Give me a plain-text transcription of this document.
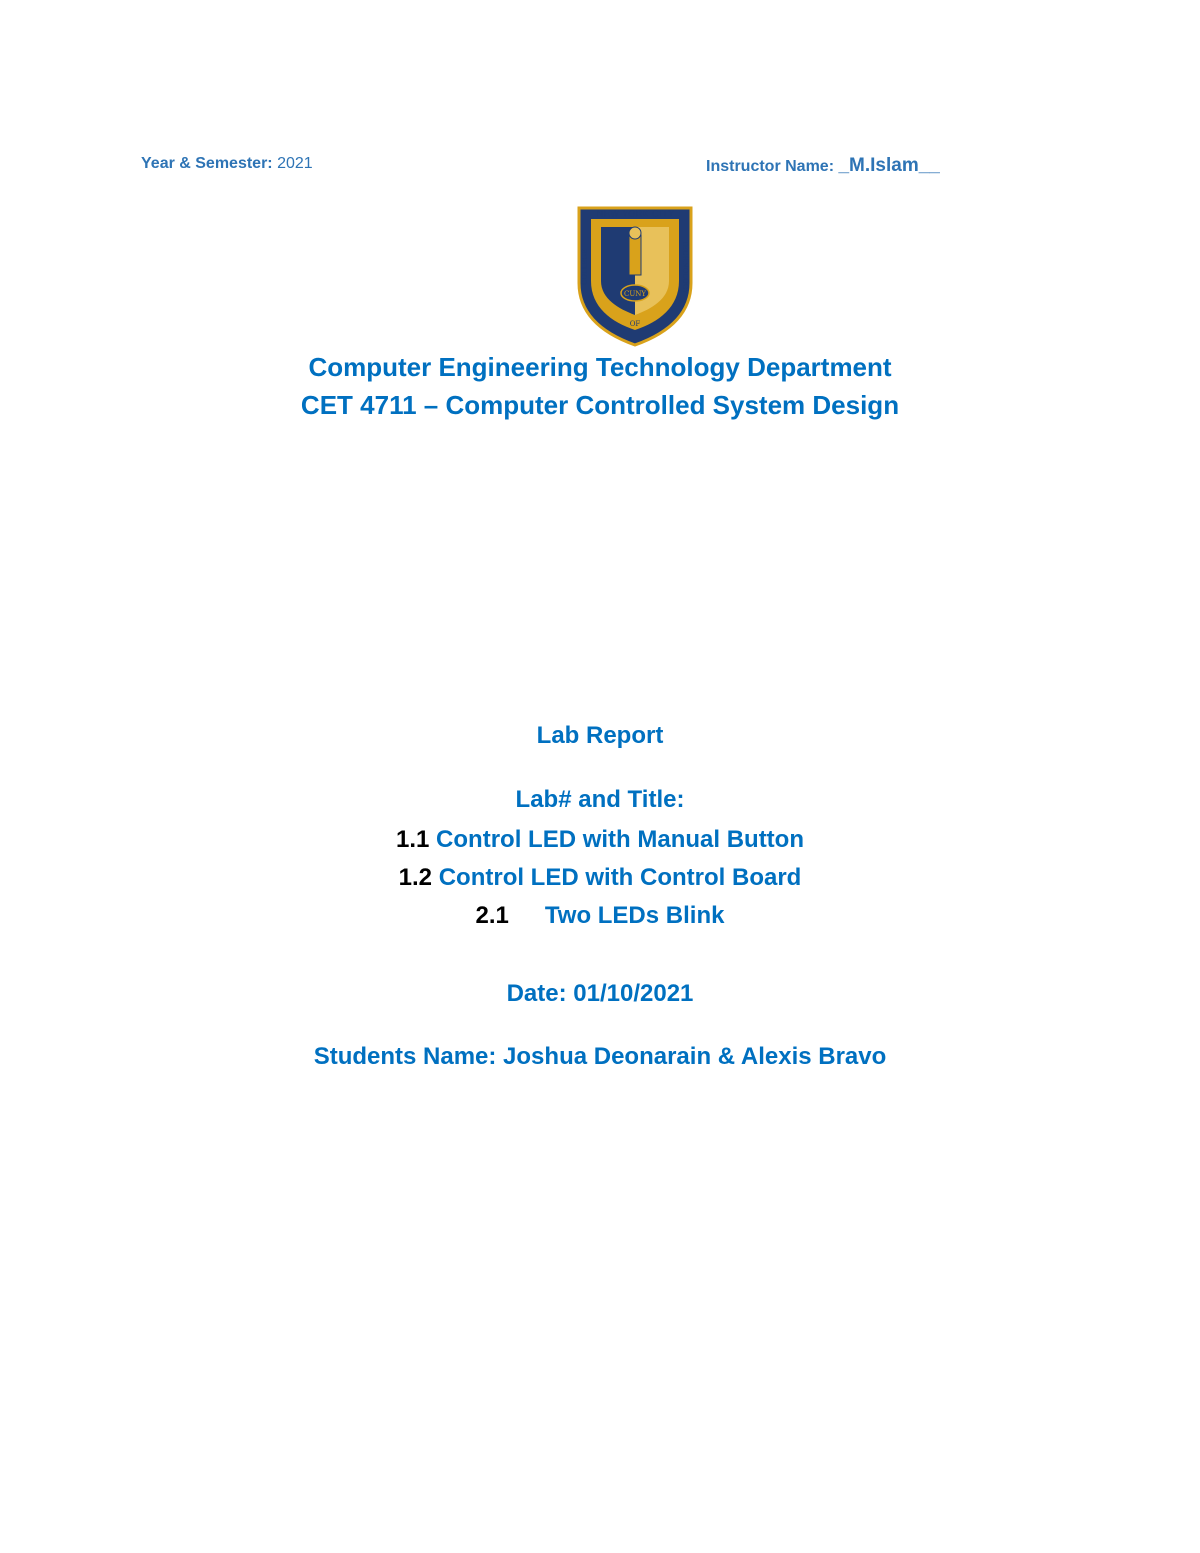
Year & Semester: 2021	Instructor Name: _M.Islam__
CUNY
NEW YORK CITY
COLLEGE	TECHNOLOGY
OF
Computer Engineering Technology Department
CET 4711 – Computer Controlled System Design
Lab Report
Lab# and Title:
1.1 Control LED with Manual Button
1.2 Control LED with Control Board
2.1 Two LEDs Blink
Date: 01/10/2021
Students Name: Joshua Deonarain & Alexis Bravo
